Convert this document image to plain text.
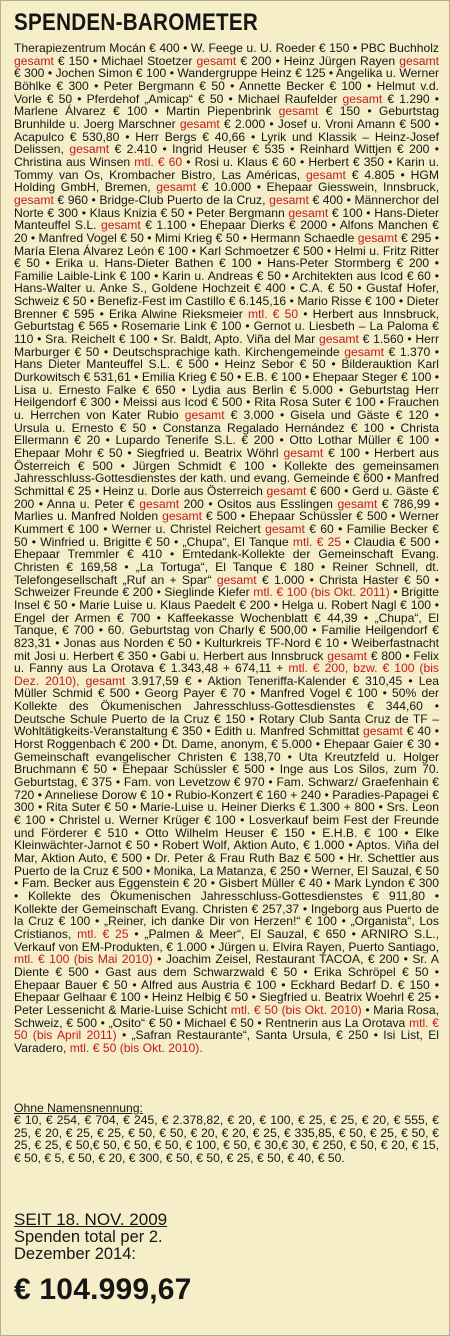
SPENDEN-BAROMETER
Therapiezentrum Mocán € 400 • W. Feege u. U. Roeder € 150 • PBC Buchholz gesamt € 150 • Michael Stoetzer gesamt € 200 • Heinz Jürgen Rayen gesamt € 300 • Jochen Simon € 100 • Wandergruppe Heinz € 125 • Angelika u. Werner Böhlke € 300 • Peter Bergmann € 50 • Annette Becker € 100 • Helmut v.d. Vorle € 50 • Pferdehof „Amicap“ € 50 • Michael Raufelder gesamt € 1.290 • Marlene Álvarez € 100 • Martin Piepenbrink gesamt € 150 • Geburtstag Brunhilde u. Joerg Marschner gesamt € 2.000 • Josef u. Vroni Amann € 500 • Acapulco € 530,80 • Herr Bergs € 40,66 • Lyrik und Klassik – Heinz-Josef Delissen, gesamt € 2.410 • Ingrid Heuser € 535 • Reinhard Wittjen € 200 • Christina aus Winsen mtl. € 60 • Rosi u. Klaus € 60 • Herbert € 350 • Karin u. Tommy van Os, Krombacher Bistro, Las Américas, gesamt € 4.805 • HGM Holding GmbH, Bremen, gesamt € 10.000 • Ehepaar Giesswein, Innsbruck, gesamt € 960 • Bridge-Club Puerto de la Cruz, gesamt € 400 • Männerchor del Norte € 300 • Klaus Knizia € 50 • Peter Bergmann gesamt € 100 • Hans-Dieter Manteuffel S.L. gesamt € 1.100 • Ehepaar Dierks € 2000 • Alfons Manchen € 20 • Manfred Vogel € 50 • Mimi Krieg € 50 • Hermann Schaedle gesamt € 295 • María Elena Álvarez León € 100 • Karl Schmoetzer € 500 • Helmi u. Fritz Ritter € 50 • Erika u. Hans-Dieter Bathen € 100 • Hans-Peter Stormberg € 200 • Familie Laible-Link € 100 • Karin u. Andreas € 50 • Architekten aus Icod € 60 • Hans-Walter u. Anke S., Goldene Hochzeit € 400 • C.A. € 50 • Gustaf Hofer, Schweiz € 50 • Benefiz-Fest im Castillo € 6.145,16 • Mario Risse € 100 • Dieter Brenner € 595 • Erika Alwine Rieksmeier mtl. € 50 • Herbert aus Innsbruck, Geburtstag € 565 • Rosemarie Link € 100 • Gernot u. Liesbeth – La Paloma € 110 • Sra. Reichelt € 100 • Sr. Baldt, Apto. Viña del Mar gesamt € 1.560 • Herr Marburger € 50 • Deutschsprachige kath. Kirchengemeinde gesamt € 1.370 • Hans Dieter Manteuffel S.L. € 500 • Heinz Sebor € 50 • Bilderauktion Karl Durkowitsch € 531,61 • Emilia Krieg € 50 • E.B. € 100 • Ehepaar Steger € 100 • Lisa u. Ernesto Falke € 650 • Lydia aus Berlin € 5.000 • Geburtstag Herr Heilgendorf € 300 • Meissi aus Icod € 500 • Rita Rosa Suter € 100 • Frauchen u. Herrchen von Kater Rubio gesamt € 3.000 • Gisela und Gäste € 120 • Ursula u. Ernesto € 50 • Constanza Regalado Hernández € 100 • Christa Ellermann € 20 • Lupardo Tenerife S.L. € 200 • Otto Lothar Müller € 100 • Ehepaar Mohr € 50 • Siegfried u. Beatrix Wöhrl gesamt € 100 • Herbert aus Österreich € 500 • Jürgen Schmidt € 100 • Kollekte des gemeinsamen Jahresschluss-Gottesdienstes der kath. und evang. Gemeinde € 600 • Manfred Schmittal € 25 • Heinz u. Dorle aus Österreich gesamt € 600 • Gerd u. Gäste € 200 • Anna u. Peter € gesamt 200 • Ositos aus Esslingen gesamt € 786,99 • Marlies u. Manfred Nolden gesamt € 500 • Ehepaar Schüssler € 500 • Werner Kummert € 100 • Werner u. Christel Reichert gesamt € 60 • Familie Becker € 50 • Winfried u. Brigitte € 50 • „Chupa“, El Tanque mtl. € 25 • Claudia € 500 • Ehepaar Tremmler € 410 • Erntedank-Kollekte der Gemeinschaft Evang. Christen € 169,58 • „La Tortuga“, El Tanque € 180 • Reiner Schnell, dt. Telefongesellschaft „Ruf an + Spar“ gesamt € 1.000 • Christa Haster € 50 • Schweizer Freunde € 200 • Sieglinde Kiefer mtl. € 100 (bis Okt. 2011) • Brigitte Insel € 50 • Marie Luise u. Klaus Paedelt € 200 • Helga u. Robert Nagl € 100 • Engel der Armen € 700 • Kaffeekasse Wochenblatt € 44,39 • „Chupa“, El Tanque, € 700 • 60. Geburtstag von Charly € 500,00 • Familie Heilgendorf € 823,31 • Jonas aus Norden € 50 • Kulturkreis TF-Nord € 10 • Weiberfastnacht mit Josi u. Herbert € 350 • Gabi u. Herbert aus Innsbruck gesamt € 800 • Felix u. Fanny aus La Orotava € 1.343,48 + 674,11 + mtl. € 200, bzw. € 100 (bis Dez. 2010), gesamt 3.917,59 € • Aktion Teneriffa-Kalender € 310,45 • Lea Müller Schmid € 500 • Georg Payer € 70 • Manfred Vogel € 100 • 50% der Kollekte des Ökumenischen Jahresschluss-Gottesdienstes € 344,60 • Deutsche Schule Puerto de la Cruz € 150 • Rotary Club Santa Cruz de TF – Wohltätigkeits-Veranstaltung € 350 • Edith u. Manfred Schmittat gesamt € 40 • Horst Roggenbach € 200 • Dt. Dame, anonym, € 5.000 • Ehepaar Gaier € 30 • Gemeinschaft evangelischer Christen € 138,70 • Uta Kreutzfeld u. Holger Bruchmann € 50 • Ehepaar Schüssler € 500 • Inge aus Los Silos, zum 70. Geburtstag, € 375 • Fam. von Levetzow € 970 • Fam. Schwarz/ Graefenhain € 720 • Anneliese Dorow € 10 • Rubio-Konzert € 160 + 240 • Paradies-Papagei € 300 • Rita Suter € 50 • Marie-Luise u. Heiner Dierks € 1.300 + 800 • Srs. Leon € 100 • Christel u. Werner Krüger € 100 • Losverkauf beim Fest der Freunde und Förderer € 510 • Otto Wilhelm Heuser € 150 • E.H.B. € 100 • Elke Kleinwächter-Jarnot € 50 • Robert Wolf, Aktion Auto, € 1.000 • Aptos. Viña del Mar, Aktion Auto, € 500 • Dr. Peter & Frau Ruth Baz € 500 • Hr. Schettler aus Puerto de la Cruz € 500 • Monika, La Matanza, € 250 • Werner, El Sauzal, € 50 • Fam. Becker aus Eggenstein € 20 • Gisbert Müller € 40 • Mark Lyndon € 300 • Kollekte des Ökumenischen Jahresschluss-Gottesdienstes € 911,80 • Kollekte der Gemeinschaft Evang. Christen € 257,37 • Ingeborg aus Puerto de la Cruz € 100 • „Reiner, ich danke Dir von Herzen!“ € 100 • „Organista“, Los Cristianos, mtl. € 25 • „Palmen & Meer“, El Sauzal, € 650 • ARNIRO S.L., Verkauf von EM-Produkten, € 1.000 • Jürgen u. Elvira Rayen, Puerto Santiago, mtl. € 100 (bis Mai 2010) • Joachim Zeisel, Restaurant TACOA, € 200 • Sr. A Diente € 500 • Gast aus dem Schwarzwald € 50 • Erika Schröpel € 50 • Ehepaar Bauer € 50 • Alfred aus Austria € 100 • Eckhard Bedarf D. € 150 • Ehepaar Gelhaar € 100 • Heinz Helbig € 50 • Siegfried u. Beatrix Woehrl € 25 • Peter Lessenicht & Marie-Luise Schicht mtl. € 50 (bis Okt. 2010) • Maria Rosa, Schweiz, € 500 • „Osito“ € 50 • Michael € 50 • Rentnerin aus La Orotava mtl. € 50 (bis April 2011) • „Safran Restaurante“, Santa Ursula, € 250 • Isi List, El Varadero, mtl. € 50 (bis Okt. 2010).
Ohne Namensnennung:
€ 10, € 254, € 704, € 245, € 2.378,82, € 20, € 100, € 25, € 25, € 20, € 555, € 25, € 20, € 25, € 25, € 50, € 50, € 20, € 20, € 25, € 335,85, € 50, € 25, € 50, € 25, € 25, € 50,€ 50, € 50, € 50, € 100, € 50, € 30,€ 30, € 250, € 50, € 20, € 15, € 50, € 5, € 50, € 20, € 300, € 50, € 50, € 25, € 50, € 40, € 50.
SEIT 18. NOV. 2009
Spenden total per 2. Dezember 2014:
€ 104.999,67
